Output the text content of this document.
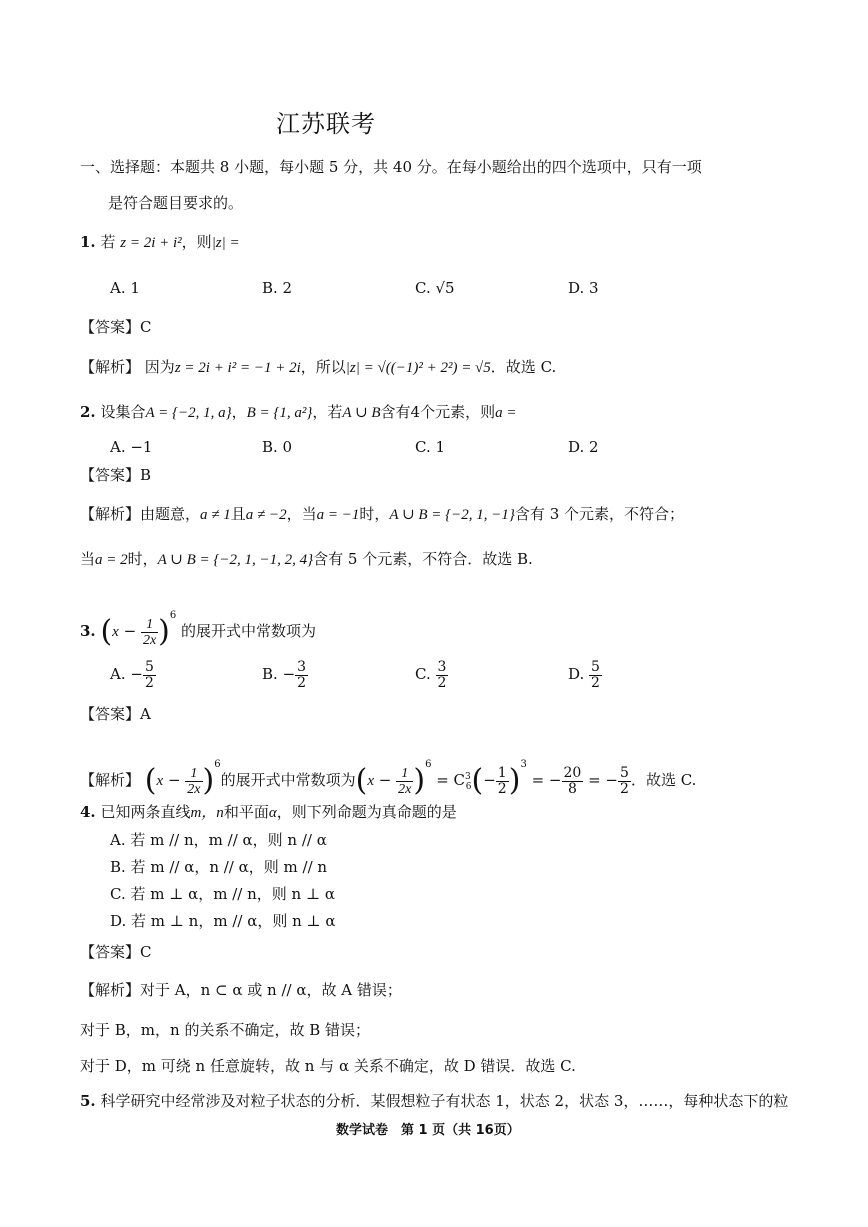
江苏联考
一、选择题：本题共 8 小题，每小题 5 分，共 40 分。在每小题给出的四个选项中，只有一项
是符合题目要求的。
1. 若 z = 2i + i²，则|z| =
A. 1	B. 2	C. √5	D. 3
【答案】C
【解析】 因为z = 2i + i² = −1 + 2i，所以|z| = √((−1)² + 2²) = √5．故选 C.
2. 设集合A = {−2, 1, a}，B = {1, a²}，若A ∪ B含有4个元素，则a =
A. −1	B. 0	C. 1	D. 2
【答案】B
【解析】由题意，a ≠ 1且a ≠ −2，当a = −1时，A ∪ B = {−2, 1, −1}含有 3 个元素，不符合；
当a = 2时，A ∪ B = {−2, 1, −1, 2, 4}含有 5 个元素，不符合．故选 B.
3. $(x - \frac{1}{2x} )^6$ 的展开式中常数项为
A. − $\frac{5}{2}$	B. − $\frac{3}{2}$	C. $\frac{3}{2}$	D. $\frac{5}{2}$
【答案】A
【解析】 $(x - \frac{1}{2x} )^6$的展开式中常数项为$(x - \frac{1}{2x} )^6 = C^3_6(- \frac{1}{2} )^3$ = − $\frac{20}{8}$ = − $\frac{5}{2}$ ．故选 C.
4. 已知两条直线m，n和平面α，则下列命题为真命题的是
A. 若 m // n，m // α，则 n // α
B. 若 m // α，n // α，则 m // n
C. 若 m ⊥ α，m // n，则 n ⊥ α
D. 若 m ⊥ n，m // α，则 n ⊥ α
【答案】C
【解析】对于 A，n ⊂ α 或 n // α，故 A 错误；
对于 B，m，n 的关系不确定，故 B 错误；
对于 D，m 可绕 n 任意旋转，故 n 与 α 关系不确定，故 D 错误．故选 C.
5. 科学研究中经常涉及对粒子状态的分析．某假想粒子有状态 1，状态 2，状态 3，……，每种状态下的粒
数学试卷　第 1 页（共 16页）
